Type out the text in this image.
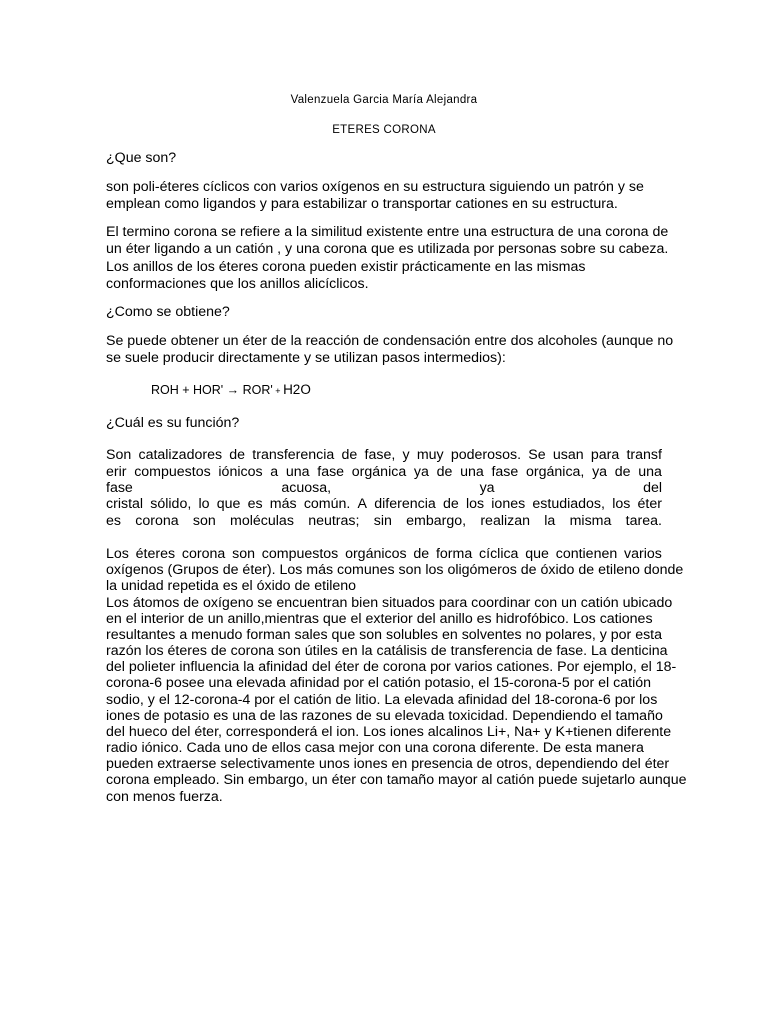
Valenzuela Garcia María Alejandra
ETERES CORONA
¿Que son?
son poli-éteres cíclicos con varios oxígenos en su estructura siguiendo un patrón y se
emplean como ligandos y para estabilizar o transportar cationes en su estructura.
El termino corona se refiere a la similitud existente entre una estructura de una corona de
un éter ligando a un catión , y una corona que es utilizada por personas sobre su cabeza.
Los anillos de los éteres corona pueden existir prácticamente en las mismas
conformaciones que los anillos alicíclicos.
¿Como se obtiene?
Se puede obtener un éter de la reacción de condensación entre dos alcoholes (aunque no
se suele producir directamente y se utilizan pasos intermedios):
ROH + HOR' → ROR' + H2O
¿Cuál es su función?
Son catalizadores de transferencia de fase, y muy poderosos. Se usan para transf
erir compuestos iónicos a una fase orgánica ya de una fase orgánica, ya de una
fase	acuosa,	ya	del
cristal sólido, lo que es más común. A diferencia de los iones estudiados, los éter
es corona son moléculas neutras; sin embargo, realizan la misma tarea.
Los éteres corona son compuestos orgánicos de forma cíclica que contienen varios
oxígenos (Grupos de éter). Los más comunes son los oligómeros de óxido de etileno donde
la unidad repetida es el óxido de etileno
Los átomos de oxígeno se encuentran bien situados para coordinar con un catión ubicado
en el interior de un anillo,mientras que el exterior del anillo es hidrofóbico. Los cationes
resultantes a menudo forman sales que son solubles en solventes no polares, y por esta
razón los éteres de corona son útiles en la catálisis de transferencia de fase. La denticina
del polieter influencia la afinidad del éter de corona por varios cationes. Por ejemplo, el 18-
corona-6 posee una elevada afinidad por el catión potasio, el 15-corona-5 por el catión
sodio, y el 12-corona-4 por el catión de litio. La elevada afinidad del 18-corona-6 por los
iones de potasio es una de las razones de su elevada toxicidad. Dependiendo el tamaño
del hueco del éter, corresponderá el ion. Los iones alcalinos Li+, Na+ y K+tienen diferente
radio iónico. Cada uno de ellos casa mejor con una corona diferente. De esta manera
pueden extraerse selectivamente unos iones en presencia de otros, dependiendo del éter
corona empleado. Sin embargo, un éter con tamaño mayor al catión puede sujetarlo aunque
con menos fuerza.
